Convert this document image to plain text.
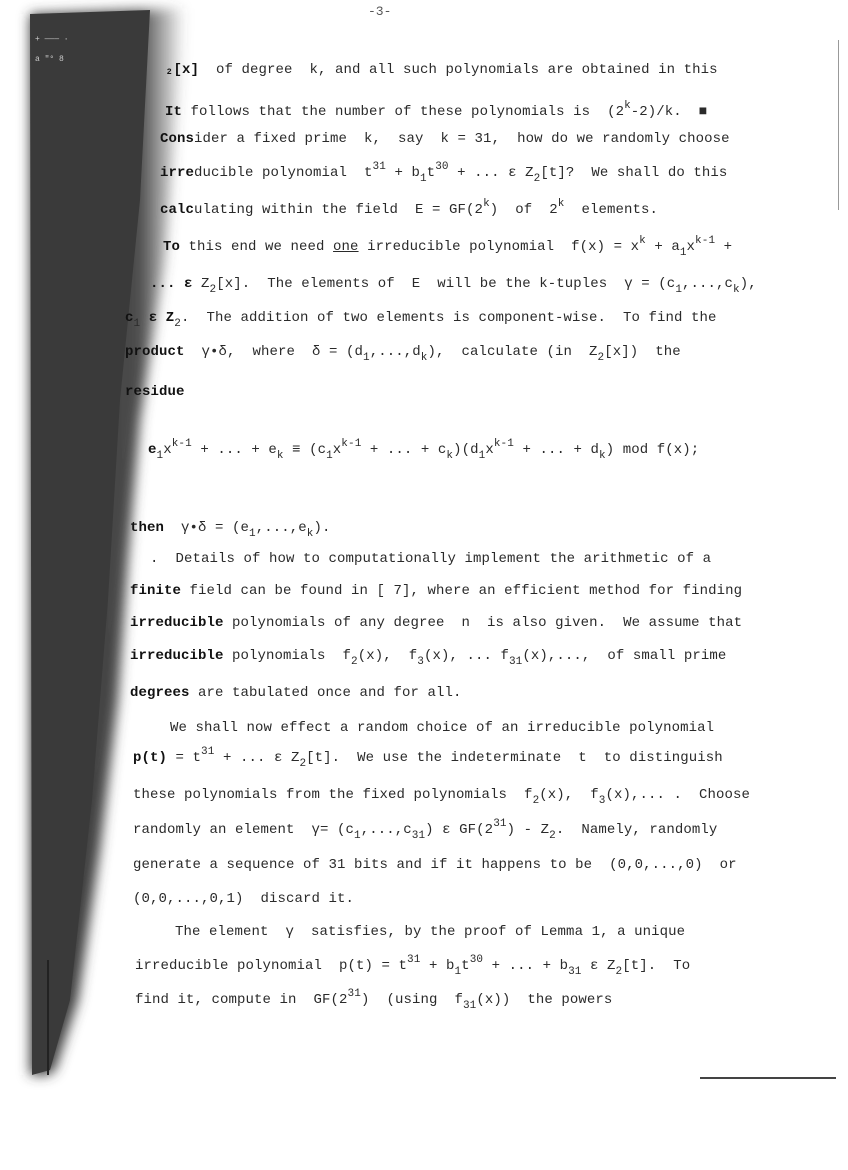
+ ——— ·
a "° 8
-3-
₂[x]  of degree  k, and all such polynomials are obtained in this
It follows that the number of these polynomials is  (2$^k$-2)/k.  ■
Consider a fixed prime  k,  say  k = 31,  how do we randomly choose
irreducible polynomial  $t^{31} + b_1t^{30}$ + ... ε $Z_2[t]$?  We shall do this
calculating within the field  $E = GF(2^k)$  of  2$^k$  elements.
To this end we need one irreducible polynomial  $f(x) = x^k + a_1x^{k-1}$ +
... ε $Z_2[x]$.  The elements of  E  will be the k-tuples  $\gamma = (c_1,...,c_k)$,
$c_1$ ε $Z_2$.  The addition of two elements is component-wise.  To find the
product  γ•δ,  where  $\delta = (d_1,...,d_k)$,  calculate (in  $Z_2[x]$)  the
residue
$e_1x^{k-1}$ + ... + $e_k \equiv (c_1x^{k-1}$ + ... + $c_k)(d_1x^{k-1}$ + ... + $d_k$) mod f(x);
then  γ•δ = $(e_1,...,e_k)$.
.  Details of how to computationally implement the arithmetic of a
finite field can be found in [ 7], where an efficient method for finding
irreducible polynomials of any degree  n  is also given.  We assume that
irreducible polynomials  $f_2(x)$,  $f_3(x)$, ... $f_{31}(x)$,...,  of small prime
degrees are tabulated once and for all.
We shall now effect a random choice of an irreducible polynomial
$p(t) = t^{31}$ + ... ε $Z_2[t]$.  We use the indeterminate  t  to distinguish
these polynomials from the fixed polynomials  $f_2(x)$,  $f_3(x)$,... .  Choose
randomly an element  $\gamma= (c_1,...,c_{31})$ ε $GF(2^{31}) - Z_2$.  Namely, randomly
generate a sequence of 31 bits and if it happens to be  (0,0,...,0)  or
(0,0,...,0,1)  discard it.
The element  γ  satisfies, by the proof of Lemma 1, a unique
irreducible polynomial  $p(t) = t^{31} + b_1t^{30}$ + ... + $b_{31}$ ε $Z_2[t]$.  To
find it, compute in  $GF(2^{31})$  (using  $f_{31}(x)$)  the powers
